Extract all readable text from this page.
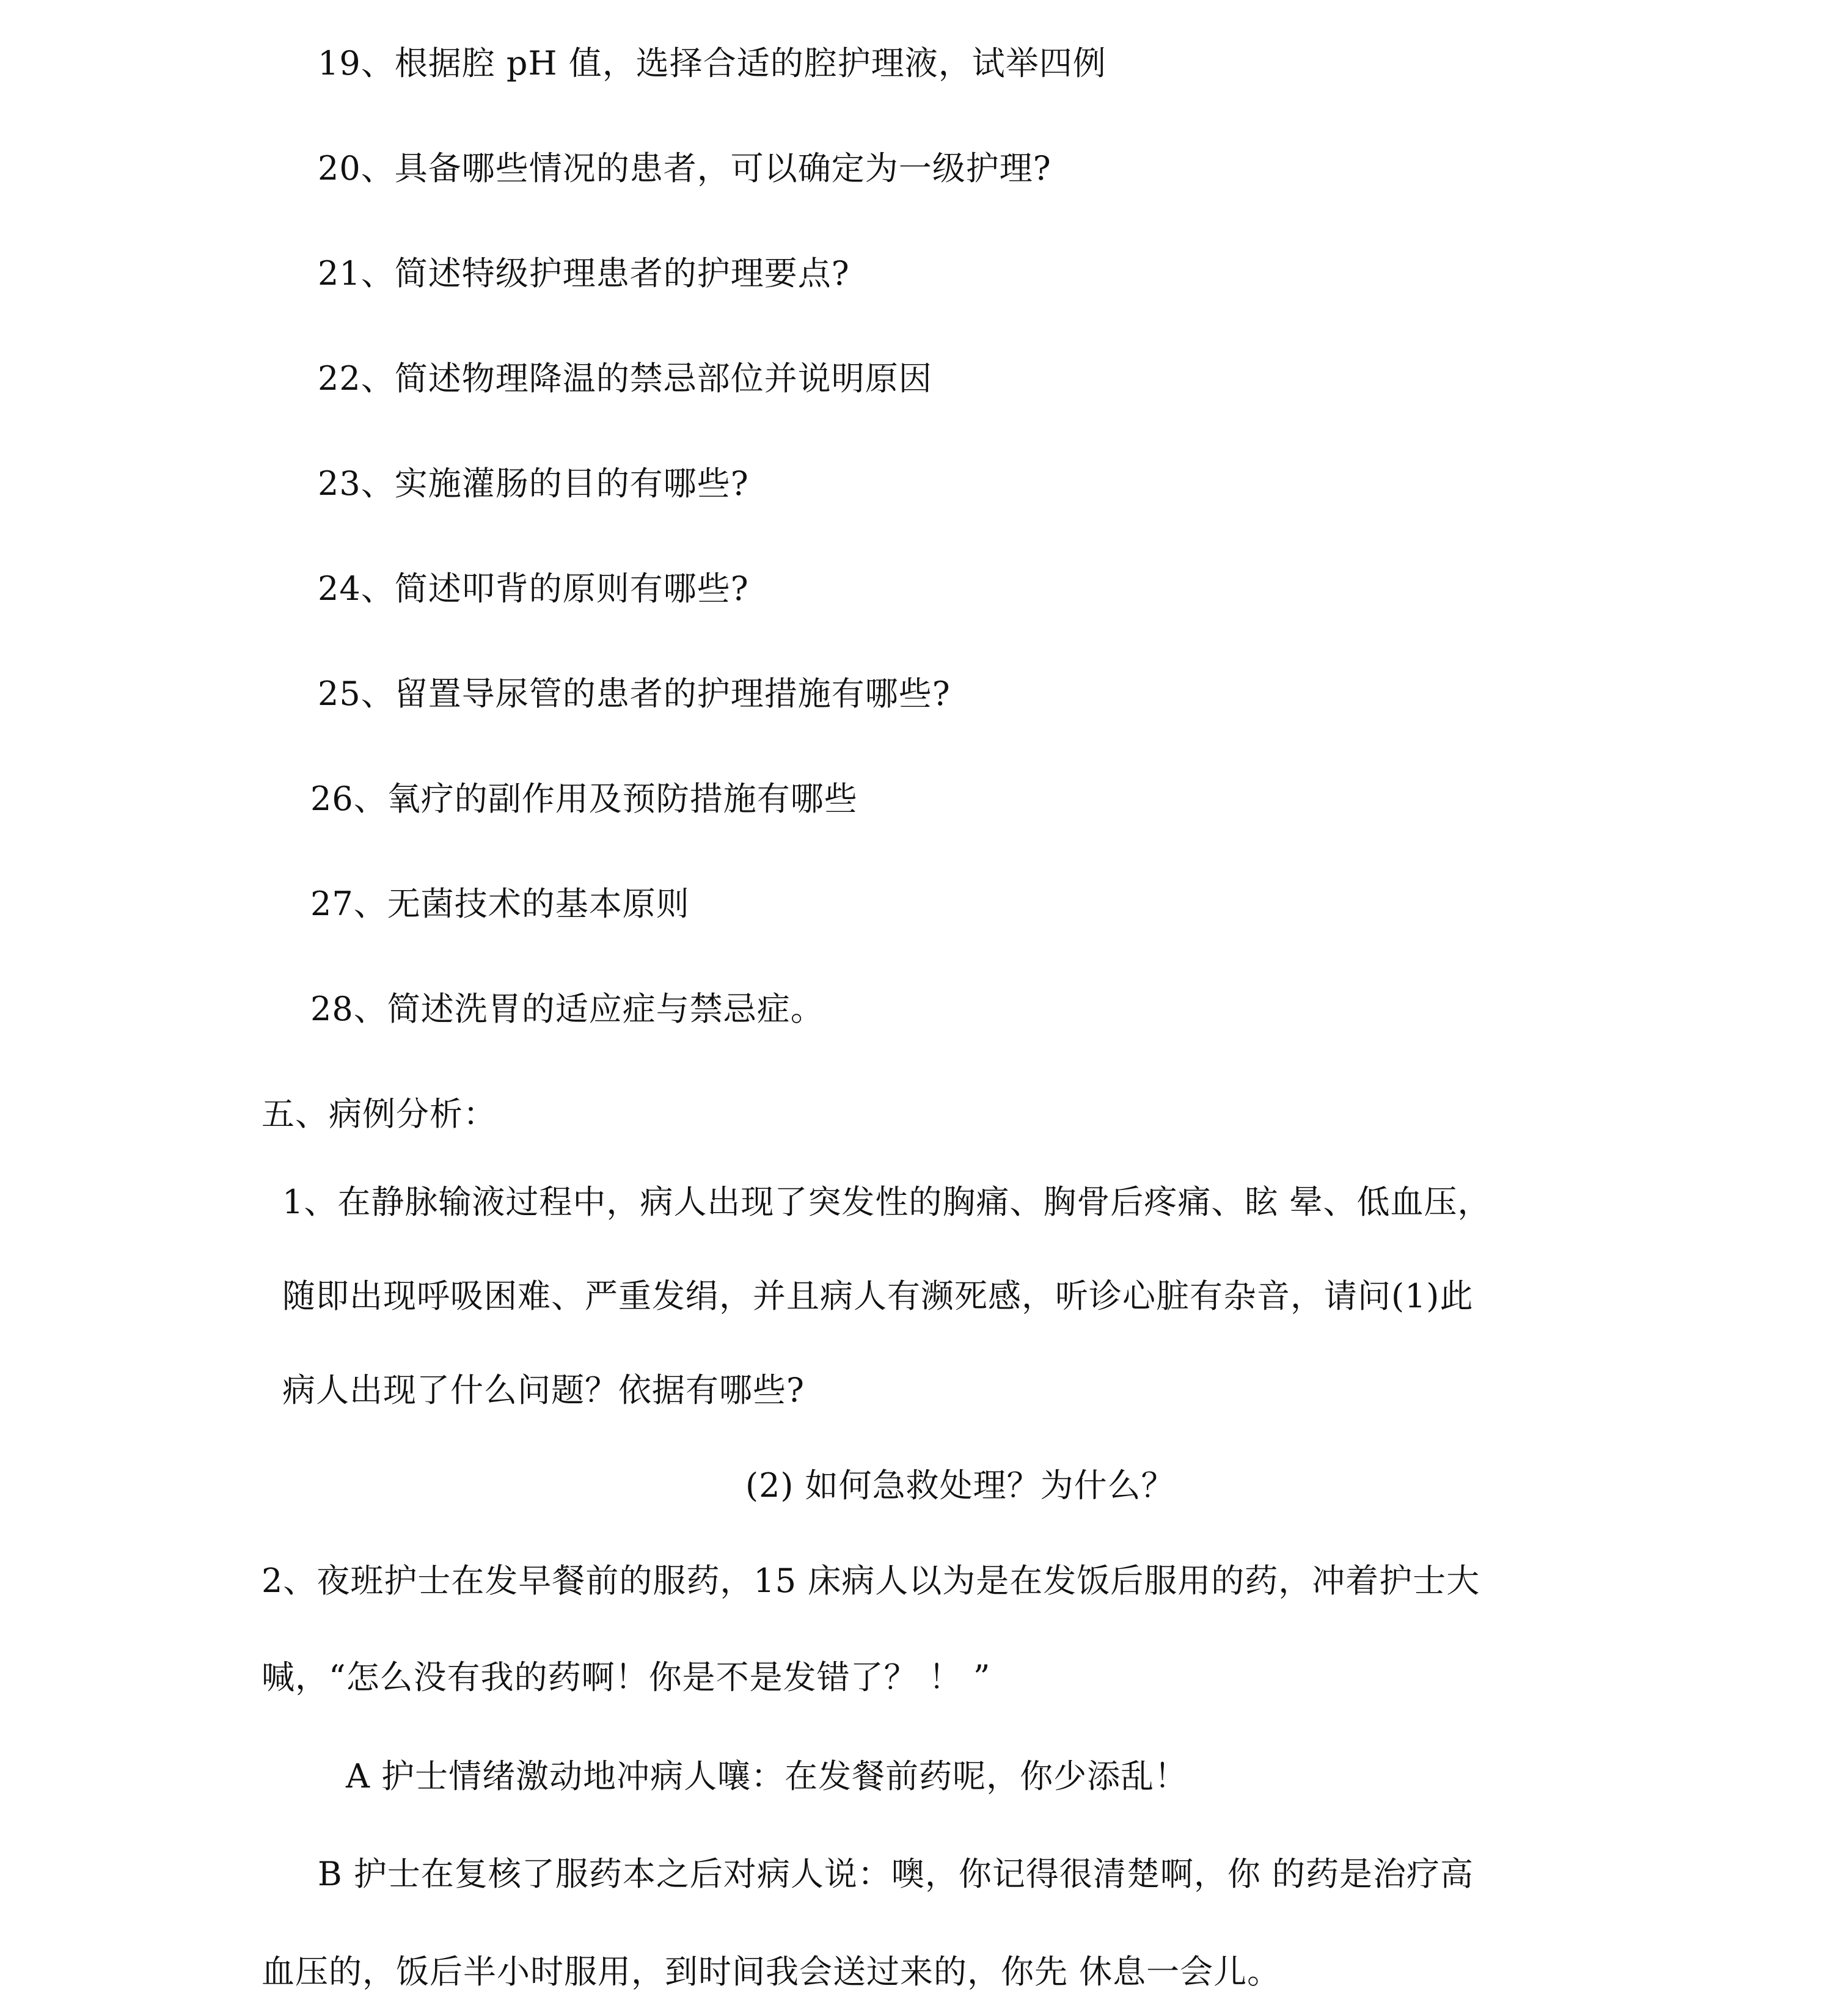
19、根据腔 pH 值，选择合适的腔护理液，试举四例
20、具备哪些情况的患者，可以确定为一级护理?
21、简述特级护理患者的护理要点?
22、简述物理降温的禁忌部位并说明原因
23、实施灌肠的目的有哪些?
24、简述叩背的原则有哪些?
25、留置导尿管的患者的护理措施有哪些?
26、氧疗的副作用及预防措施有哪些
27、无菌技术的基本原则
28、简述洗胃的适应症与禁忌症。
五、病例分析：
1、在静脉输液过程中，病人出现了突发性的胸痛、胸骨后疼痛、眩 晕、低血压，
随即出现呼吸困难、严重发绢，并且病人有濒死感，听诊心脏有杂音，请问(1)此
病人出现了什么问题？依据有哪些?
(2) 如何急救处理？为什么？
2、夜班护士在发早餐前的服药，15 床病人以为是在发饭后服用的药，冲着护士大
喊，“怎么没有我的药啊！你是不是发错了？ ！ ”
A 护士情绪激动地冲病人嚷：在发餐前药呢，你少添乱！
B 护士在复核了服药本之后对病人说：噢，你记得很清楚啊，你 的药是治疗高
血压的，饭后半小时服用，到时间我会送过来的，你先 休息一会儿。
